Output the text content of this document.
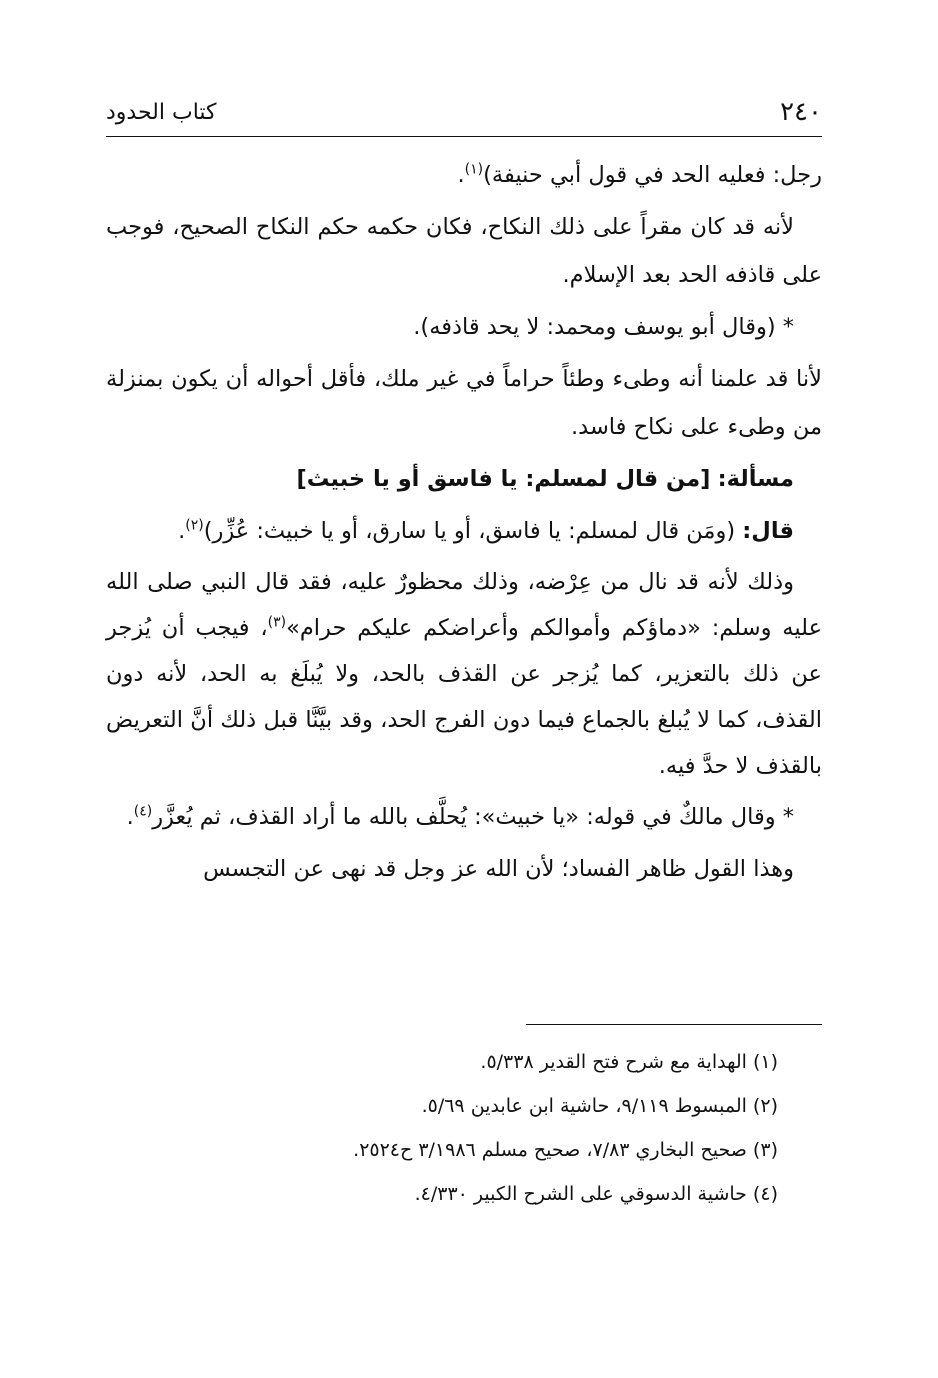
٢٤٠
كتاب الحدود

رجل: فعليه الحد في قول أبي حنيفة)$^{(١)}$.

لأنه قد كان مقراً على ذلك النكاح، فكان حكمه حكم النكاح الصحيح، فوجب على قاذفه الحد بعد الإسلام.

* (وقال أبو يوسف ومحمد: لا يحد قاذفه).

لأنا قد علمنا أنه وطىء وطئاً حراماً في غير ملك، فأقل أحواله أن يكون بمنزلة من وطىء على نكاح فاسد.

مسألة: [من قال لمسلم: يا فاسق أو يا خبيث]

قال: (ومَن قال لمسلم: يا فاسق، أو يا سارق، أو يا خبيث: عُزِّر)$^{(٢)}$.

وذلك لأنه قد نال من عِرْضه، وذلك محظورٌ عليه، فقد قال النبي صلى الله عليه وسلم: «دماؤكم وأموالكم وأعراضكم عليكم حرام»$^{(٣)}$، فيجب أن يُزجر عن ذلك بالتعزير، كما يُزجر عن القذف بالحد، ولا يُبلَغ به الحد، لأنه دون القذف، كما لا يُبلغ بالجماع فيما دون الفرج الحد، وقد بيَّنَّا قبل ذلك أنَّ التعريض بالقذف لا حدَّ فيه.

* وقال مالكٌ في قوله: «يا خبيث»: يُحلَّف بالله ما أراد القذف، ثم يُعزَّر$^{(٤)}$.

وهذا القول ظاهر الفساد؛ لأن الله عز وجل قد نهى عن التجسس

(١) الهداية مع شرح فتح القدير ٥/٣٣٨.
(٢) المبسوط ٩/١١٩، حاشية ابن عابدين ٥/٦٩.
(٣) صحيح البخاري ٧/٨٣، صحيح مسلم ٣/١٩٨٦ ح٢٥٢٤.
(٤) حاشية الدسوقي على الشرح الكبير ٤/٣٣٠.
